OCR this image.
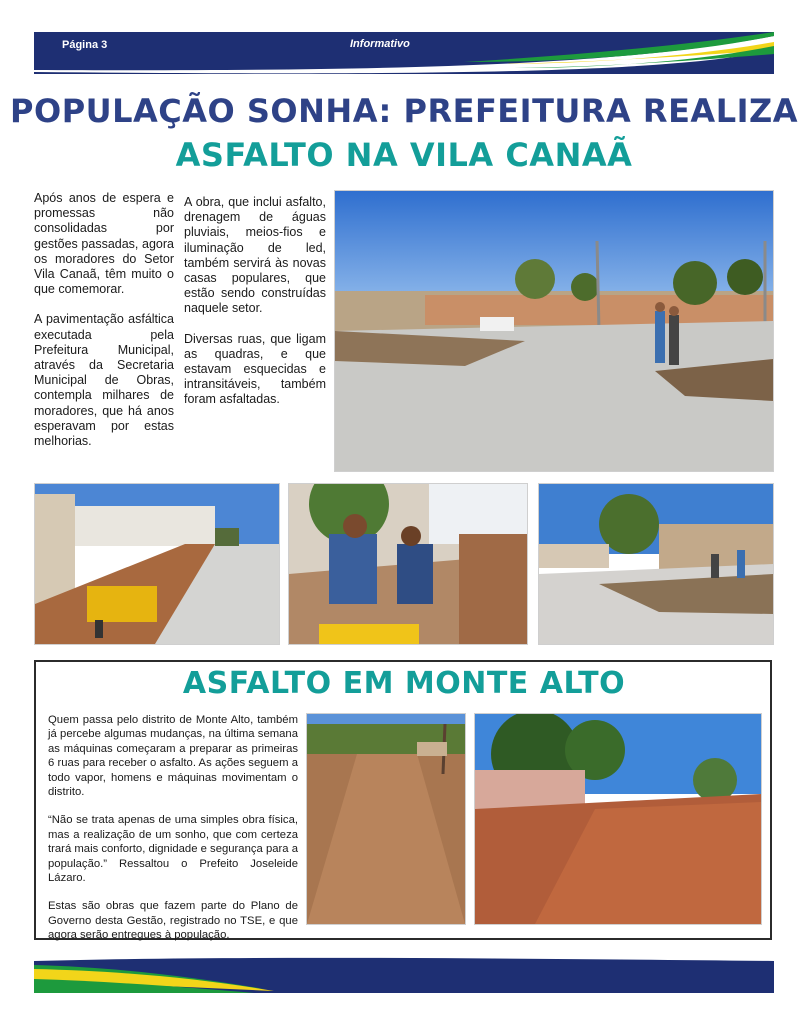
Página 3	Informativo
POPULAÇÃO SONHA: PREFEITURA REALIZA
ASFALTO NA VILA CANAÃ

Após anos de espera e promessas não consolidadas por gestões passadas, agora os moradores do Setor Vila Canaã, têm muito o que comemorar.

A pavimentação asfáltica executada pela Prefeitura Municipal, através da Secretaria Municipal de Obras, contempla milhares de moradores, que há anos esperavam por estas melhorias.

A obra, que inclui asfalto, drenagem de águas pluviais, meios-fios e iluminação de led, também servirá às novas casas populares, que estão sendo construídas naquele setor.

Diversas ruas, que ligam as quadras, e que estavam esquecidas e intransitáveis, também foram asfaltadas.

ASFALTO EM MONTE ALTO

Quem passa pelo distrito de Monte Alto, também já percebe algumas mudanças, na última semana as máquinas começaram a preparar as primeiras 6 ruas para receber o asfalto. As ações seguem a todo vapor, homens e máquinas movimentam o distrito.

“Não se trata apenas de uma simples obra física, mas a realização de um sonho, que com certeza trará mais conforto, dignidade e segurança para a população.” Ressaltou o Prefeito Joseleide Lázaro.

Estas são obras que fazem parte do Plano de Governo desta Gestão, registrado no TSE, e que agora serão entregues à população.
